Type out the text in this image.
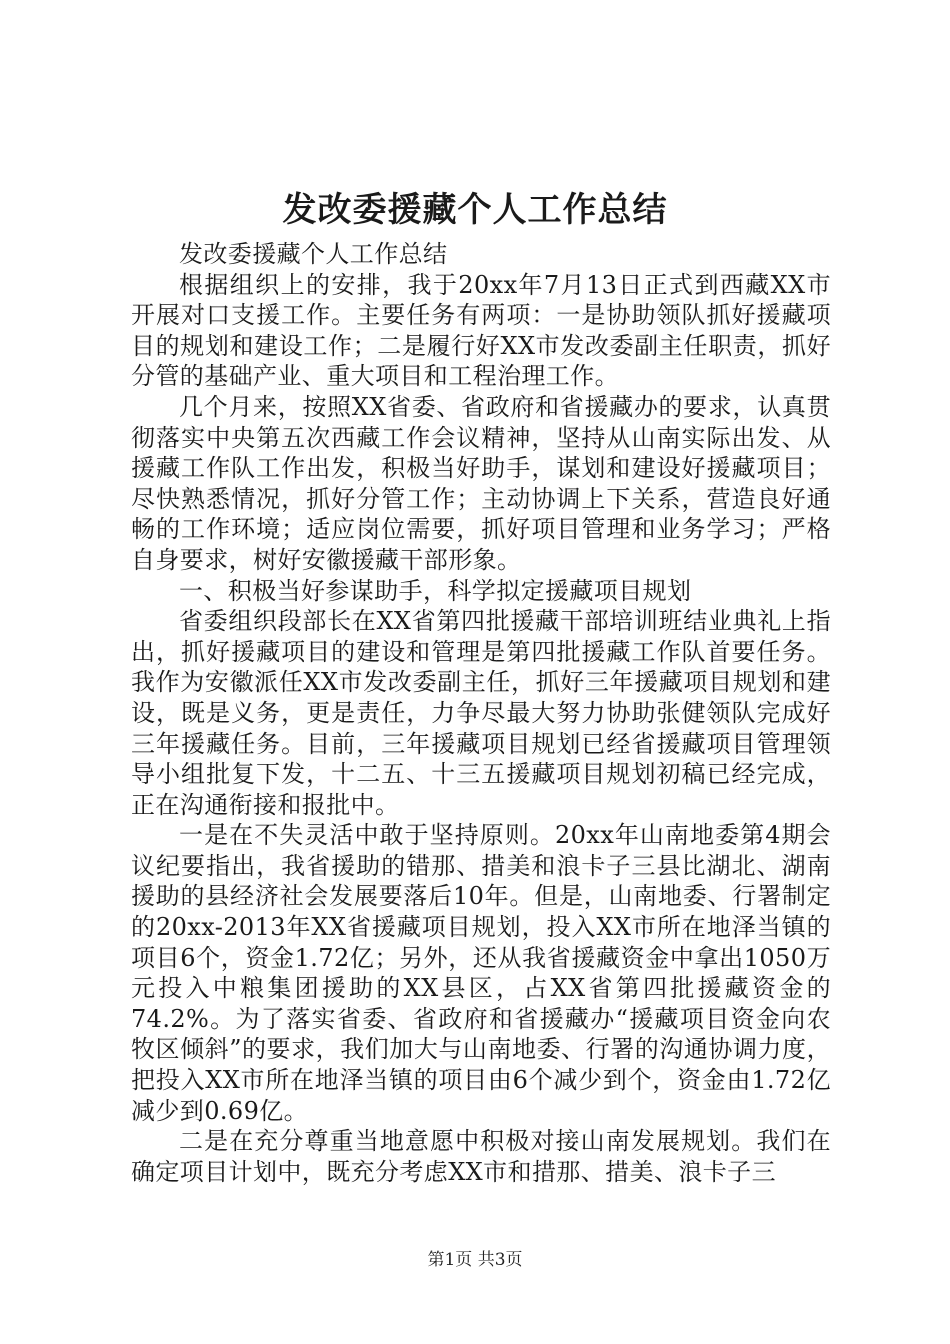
发改委援藏个人工作总结

发改委援藏个人工作总结

根据组织上的安排，我于20xx年7月13日正式到西藏XX市开展对口支援工作。主要任务有两项：一是协助领队抓好援藏项目的规划和建设工作；二是履行好XX市发改委副主任职责，抓好分管的基础产业、重大项目和工程治理工作。

几个月来，按照XX省委、省政府和省援藏办的要求，认真贯彻落实中央第五次西藏工作会议精神，坚持从山南实际出发、从援藏工作队工作出发，积极当好助手，谋划和建设好援藏项目；尽快熟悉情况，抓好分管工作；主动协调上下关系，营造良好通畅的工作环境；适应岗位需要，抓好项目管理和业务学习；严格自身要求，树好安徽援藏干部形象。

一、积极当好参谋助手，科学拟定援藏项目规划

省委组织段部长在XX省第四批援藏干部培训班结业典礼上指出，抓好援藏项目的建设和管理是第四批援藏工作队首要任务。我作为安徽派任XX市发改委副主任，抓好三年援藏项目规划和建设，既是义务，更是责任，力争尽最大努力协助张健领队完成好三年援藏任务。目前，三年援藏项目规划已经省援藏项目管理领导小组批复下发，十二五、十三五援藏项目规划初稿已经完成，正在沟通衔接和报批中。

一是在不失灵活中敢于坚持原则。20xx年山南地委第4期会议纪要指出，我省援助的错那、措美和浪卡子三县比湖北、湖南援助的县经济社会发展要落后10年。但是，山南地委、行署制定的20xx-2013年XX省援藏项目规划，投入XX市所在地泽当镇的项目6个，资金1.72亿；另外，还从我省援藏资金中拿出1050万元投入中粮集团援助的XX县区，占XX省第四批援藏资金的74.2%。为了落实省委、省政府和省援藏办“援藏项目资金向农牧区倾斜”的要求，我们加大与山南地委、行署的沟通协调力度，把投入XX市所在地泽当镇的项目由6个减少到个，资金由1.72亿减少到0.69亿。

二是在充分尊重当地意愿中积极对接山南发展规划。我们在确定项目计划中，既充分考虑XX市和措那、措美、浪卡子三

第1页 共3页
